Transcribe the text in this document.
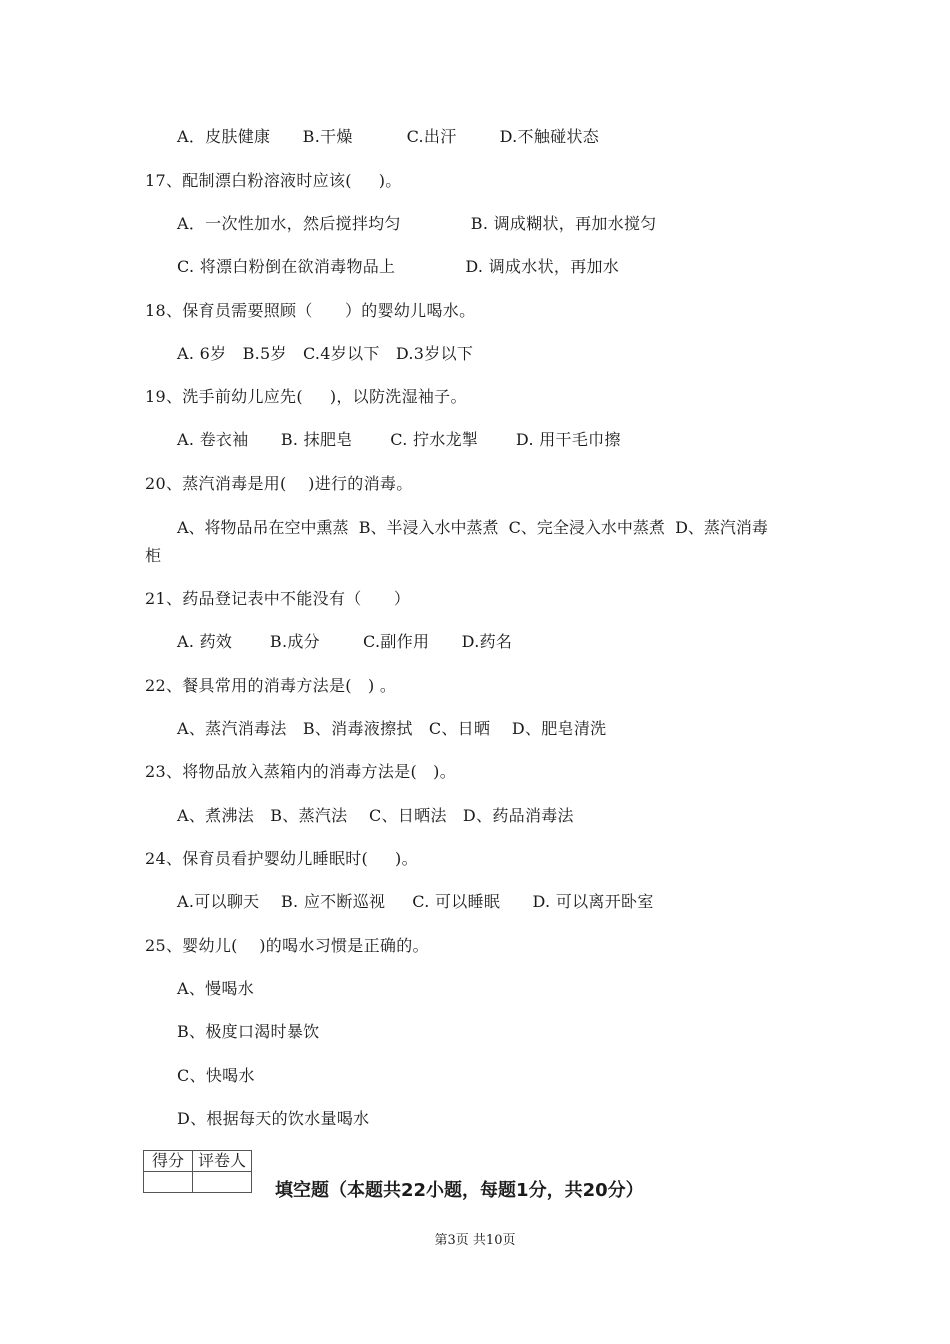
A．皮肤健康      B.干燥          C.出汗        D.不触碰状态
17、配制漂白粉溶液时应该(     )。
A．一次性加水，然后搅拌均匀             B. 调成糊状，再加水搅匀
C. 将漂白粉倒在欲消毒物品上             D. 调成水状，再加水
18、保育员需要照顾（      ）的婴幼儿喝水。
A. 6岁   B.5岁   C.4岁以下   D.3岁以下
19、洗手前幼儿应先(     )，以防洗湿袖子。
A. 卷衣袖      B. 抹肥皂       C. 拧水龙掣       D. 用干毛巾擦
20、蒸汽消毒是用(    )进行的消毒。
A、将物品吊在空中熏蒸  B、半浸入水中蒸煮  C、完全浸入水中蒸煮  D、蒸汽消毒
柜
21、药品登记表中不能没有（      ）
A. 药效       B.成分        C.副作用      D.药名
22、餐具常用的消毒方法是(   ) 。
A、蒸汽消毒法   B、消毒液擦拭   C、日晒    D、肥皂清洗
23、将物品放入蒸箱内的消毒方法是(   )。
A、煮沸法   B、蒸汽法    C、日晒法   D、药品消毒法
24、保育员看护婴幼儿睡眠时(     )。
A.可以聊天    B. 应不断巡视     C. 可以睡眠      D. 可以离开卧室
25、婴幼儿(    )的喝水习惯是正确的。
A、慢喝水
B、极度口渴时暴饮
C、快喝水
D、根据每天的饮水量喝水
得分	评卷人

填空题（本题共22小题，每题1分，共20分）
第3页 共10页
